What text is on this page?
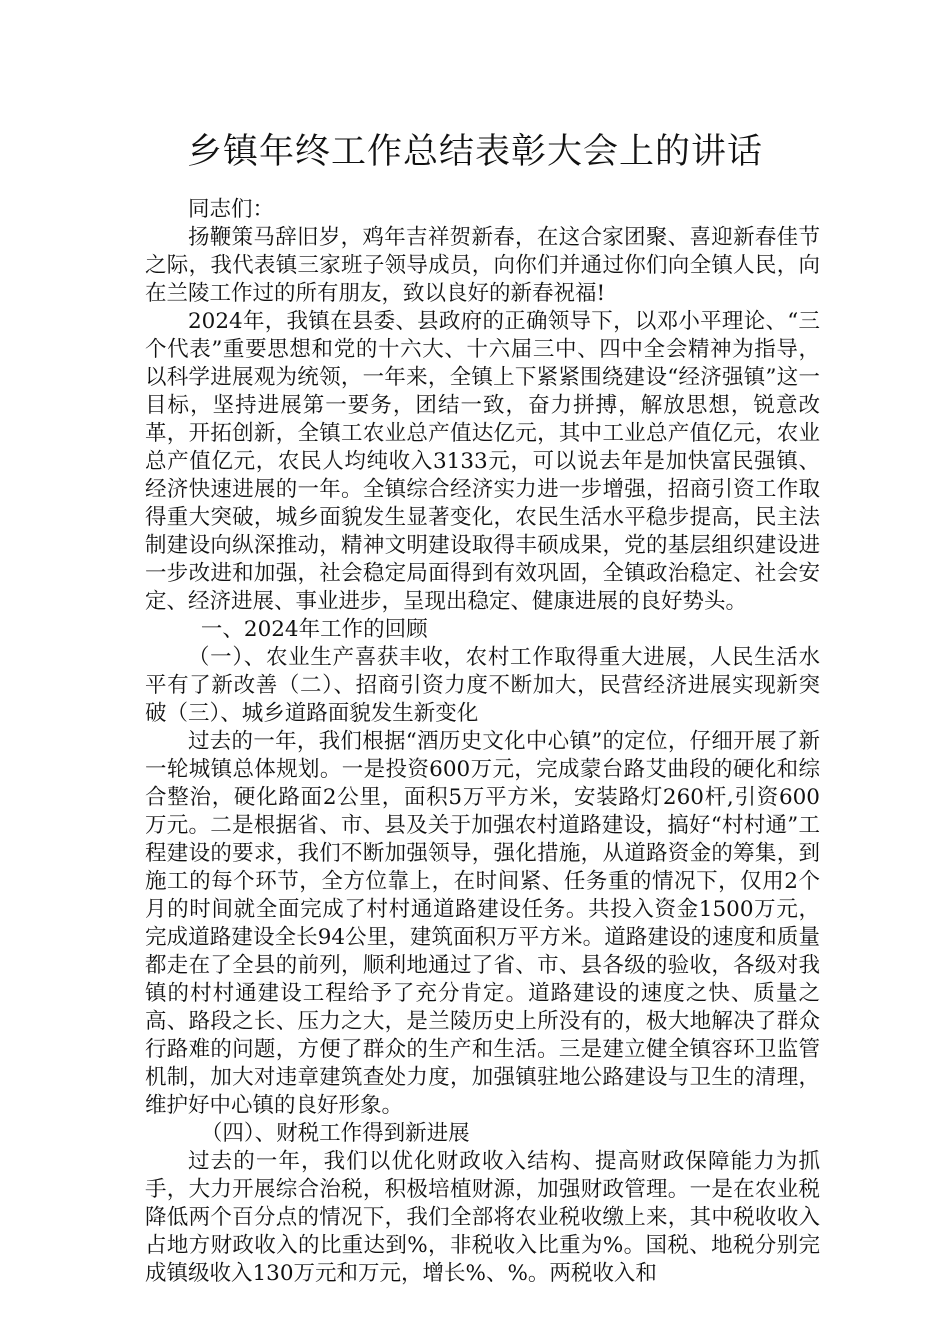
乡镇年终工作总结表彰大会上的讲话

同志们：

扬鞭策马辞旧岁，鸡年吉祥贺新春，在这合家团聚、喜迎新春佳节之际，我代表镇三家班子领导成员，向你们并通过你们向全镇人民，向在兰陵工作过的所有朋友，致以良好的新春祝福!

2024年，我镇在县委、县政府的正确领导下，以邓小平理论、“三个代表”重要思想和党的十六大、十六届三中、四中全会精神为指导，以科学进展观为统领，一年来，全镇上下紧紧围绕建设“经济强镇”这一目标，坚持进展第一要务，团结一致，奋力拼搏，解放思想，锐意改革，开拓创新，全镇工农业总产值达亿元，其中工业总产值亿元，农业总产值亿元，农民人均纯收入3133元，可以说去年是加快富民强镇、经济快速进展的一年。全镇综合经济实力进一步增强，招商引资工作取得重大突破，城乡面貌发生显著变化，农民生活水平稳步提高，民主法制建设向纵深推动，精神文明建设取得丰硕成果，党的基层组织建设进一步改进和加强，社会稳定局面得到有效巩固，全镇政治稳定、社会安定、经济进展、事业进步，呈现出稳定、健康进展的良好势头。

一、2024年工作的回顾

（一）、农业生产喜获丰收，农村工作取得重大进展，人民生活水平有了新改善（二）、招商引资力度不断加大，民营经济进展实现新突破（三）、城乡道路面貌发生新变化

过去的一年，我们根据“酒历史文化中心镇”的定位，仔细开展了新一轮城镇总体规划。一是投资600万元，完成蒙台路艾曲段的硬化和综合整治，硬化路面2公里，面积5万平方米，安装路灯260杆,引资600万元。二是根据省、市、县及关于加强农村道路建设，搞好“村村通”工程建设的要求，我们不断加强领导，强化措施，从道路资金的筹集，到施工的每个环节，全方位靠上，在时间紧、任务重的情况下，仅用2个月的时间就全面完成了村村通道路建设任务。共投入资金1500万元，完成道路建设全长94公里，建筑面积万平方米。道路建设的速度和质量都走在了全县的前列，顺利地通过了省、市、县各级的验收，各级对我镇的村村通建设工程给予了充分肯定。道路建设的速度之快、质量之高、路段之长、压力之大，是兰陵历史上所没有的，极大地解决了群众行路难的问题，方便了群众的生产和生活。三是建立健全镇容环卫监管机制，加大对违章建筑查处力度，加强镇驻地公路建设与卫生的清理，维护好中心镇的良好形象。

（四）、财税工作得到新进展

过去的一年，我们以优化财政收入结构、提高财政保障能力为抓手，大力开展综合治税，积极培植财源，加强财政管理。一是在农业税降低两个百分点的情况下，我们全部将农业税收缴上来，其中税收收入占地方财政收入的比重达到%，非税收入比重为%。国税、地税分别完成镇级收入130万元和万元，增长%、%。两税收入和
